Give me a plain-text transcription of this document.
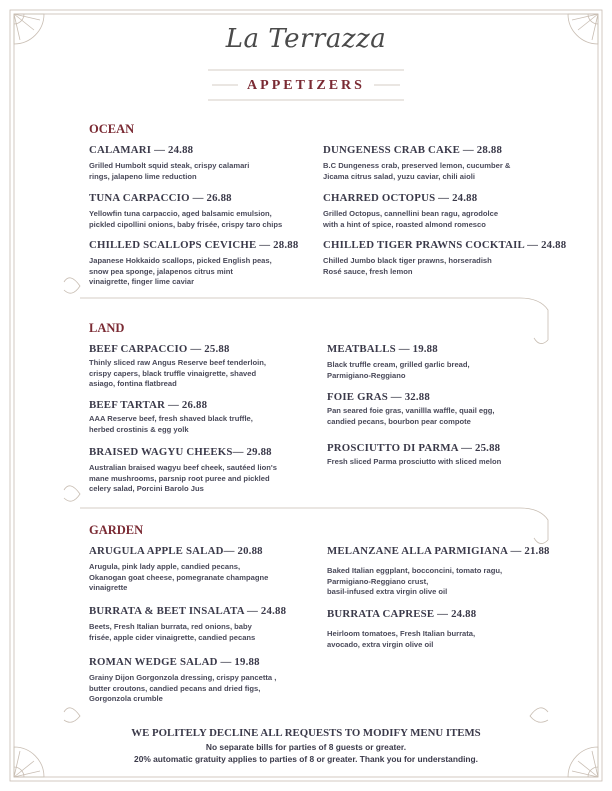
La Terrazza
APPETIZERS
OCEAN
CALAMARI — 24.88
Grilled Humbolt squid steak, crispy calamari
rings, jalapeno lime reduction
TUNA CARPACCIO — 26.88
Yellowfin tuna carpaccio, aged balsamic emulsion,
pickled cipollini onions, baby frisée, crispy taro chips
CHILLED SCALLOPS CEVICHE — 28.88
Japanese Hokkaido scallops, picked English peas,
snow pea sponge, jalapenos citrus mint
vinaigrette, finger lime caviar
DUNGENESS CRAB CAKE — 28.88
B.C Dungeness crab, preserved lemon, cucumber &
Jicama citrus salad, yuzu caviar, chili aioli
CHARRED OCTOPUS — 24.88
Grilled Octopus, cannellini bean ragu, agrodolce
with a hint of spice, roasted almond romesco
CHILLED TIGER PRAWNS COCKTAIL — 24.88
Chilled Jumbo black tiger prawns, horseradish
Rosé sauce, fresh lemon
LAND
BEEF CARPACCIO — 25.88
Thinly sliced raw Angus Reserve beef tenderloin,
crispy capers, black truffle vinaigrette, shaved
asiago, fontina flatbread
BEEF TARTAR — 26.88
AAA Reserve beef, fresh shaved black truffle,
herbed crostinis & egg yolk
BRAISED WAGYU CHEEKS— 29.88
Australian braised wagyu beef cheek, sautéed lion's
mane mushrooms, parsnip root puree and pickled
celery salad, Porcini Barolo Jus
MEATBALLS — 19.88
Black truffle cream, grilled garlic bread,
Parmigiano-Reggiano
FOIE GRAS — 32.88
Pan seared foie gras, vanillla waffle, quail egg,
candied pecans, bourbon pear compote
PROSCIUTTO DI PARMA — 25.88
Fresh sliced Parma prosciutto with sliced melon
GARDEN
ARUGULA APPLE SALAD— 20.88
Arugula, pink lady apple, candied pecans,
Okanogan goat cheese, pomegranate champagne
vinaigrette
BURRATA & BEET INSALATA — 24.88
Beets, Fresh Italian burrata, red onions, baby
frisée, apple cider vinaigrette, candied pecans
ROMAN WEDGE SALAD — 19.88
Grainy Dijon Gorgonzola dressing, crispy pancetta ,
butter croutons, candied pecans and dried figs,
Gorgonzola crumble
MELANZANE ALLA PARMIGIANA — 21.88
Baked Italian eggplant, bocconcini, tomato ragu,
Parmigiano-Reggiano crust,
basil-infused extra virgin olive oil
BURRATA CAPRESE — 24.88
Heirloom tomatoes, Fresh Italian burrata,
avocado, extra virgin olive oil
WE POLITELY DECLINE ALL REQUESTS TO MODIFY MENU ITEMS
No separate bills for parties of 8 guests or greater.
20% automatic gratuity applies to parties of 8 or greater. Thank you for understanding.
